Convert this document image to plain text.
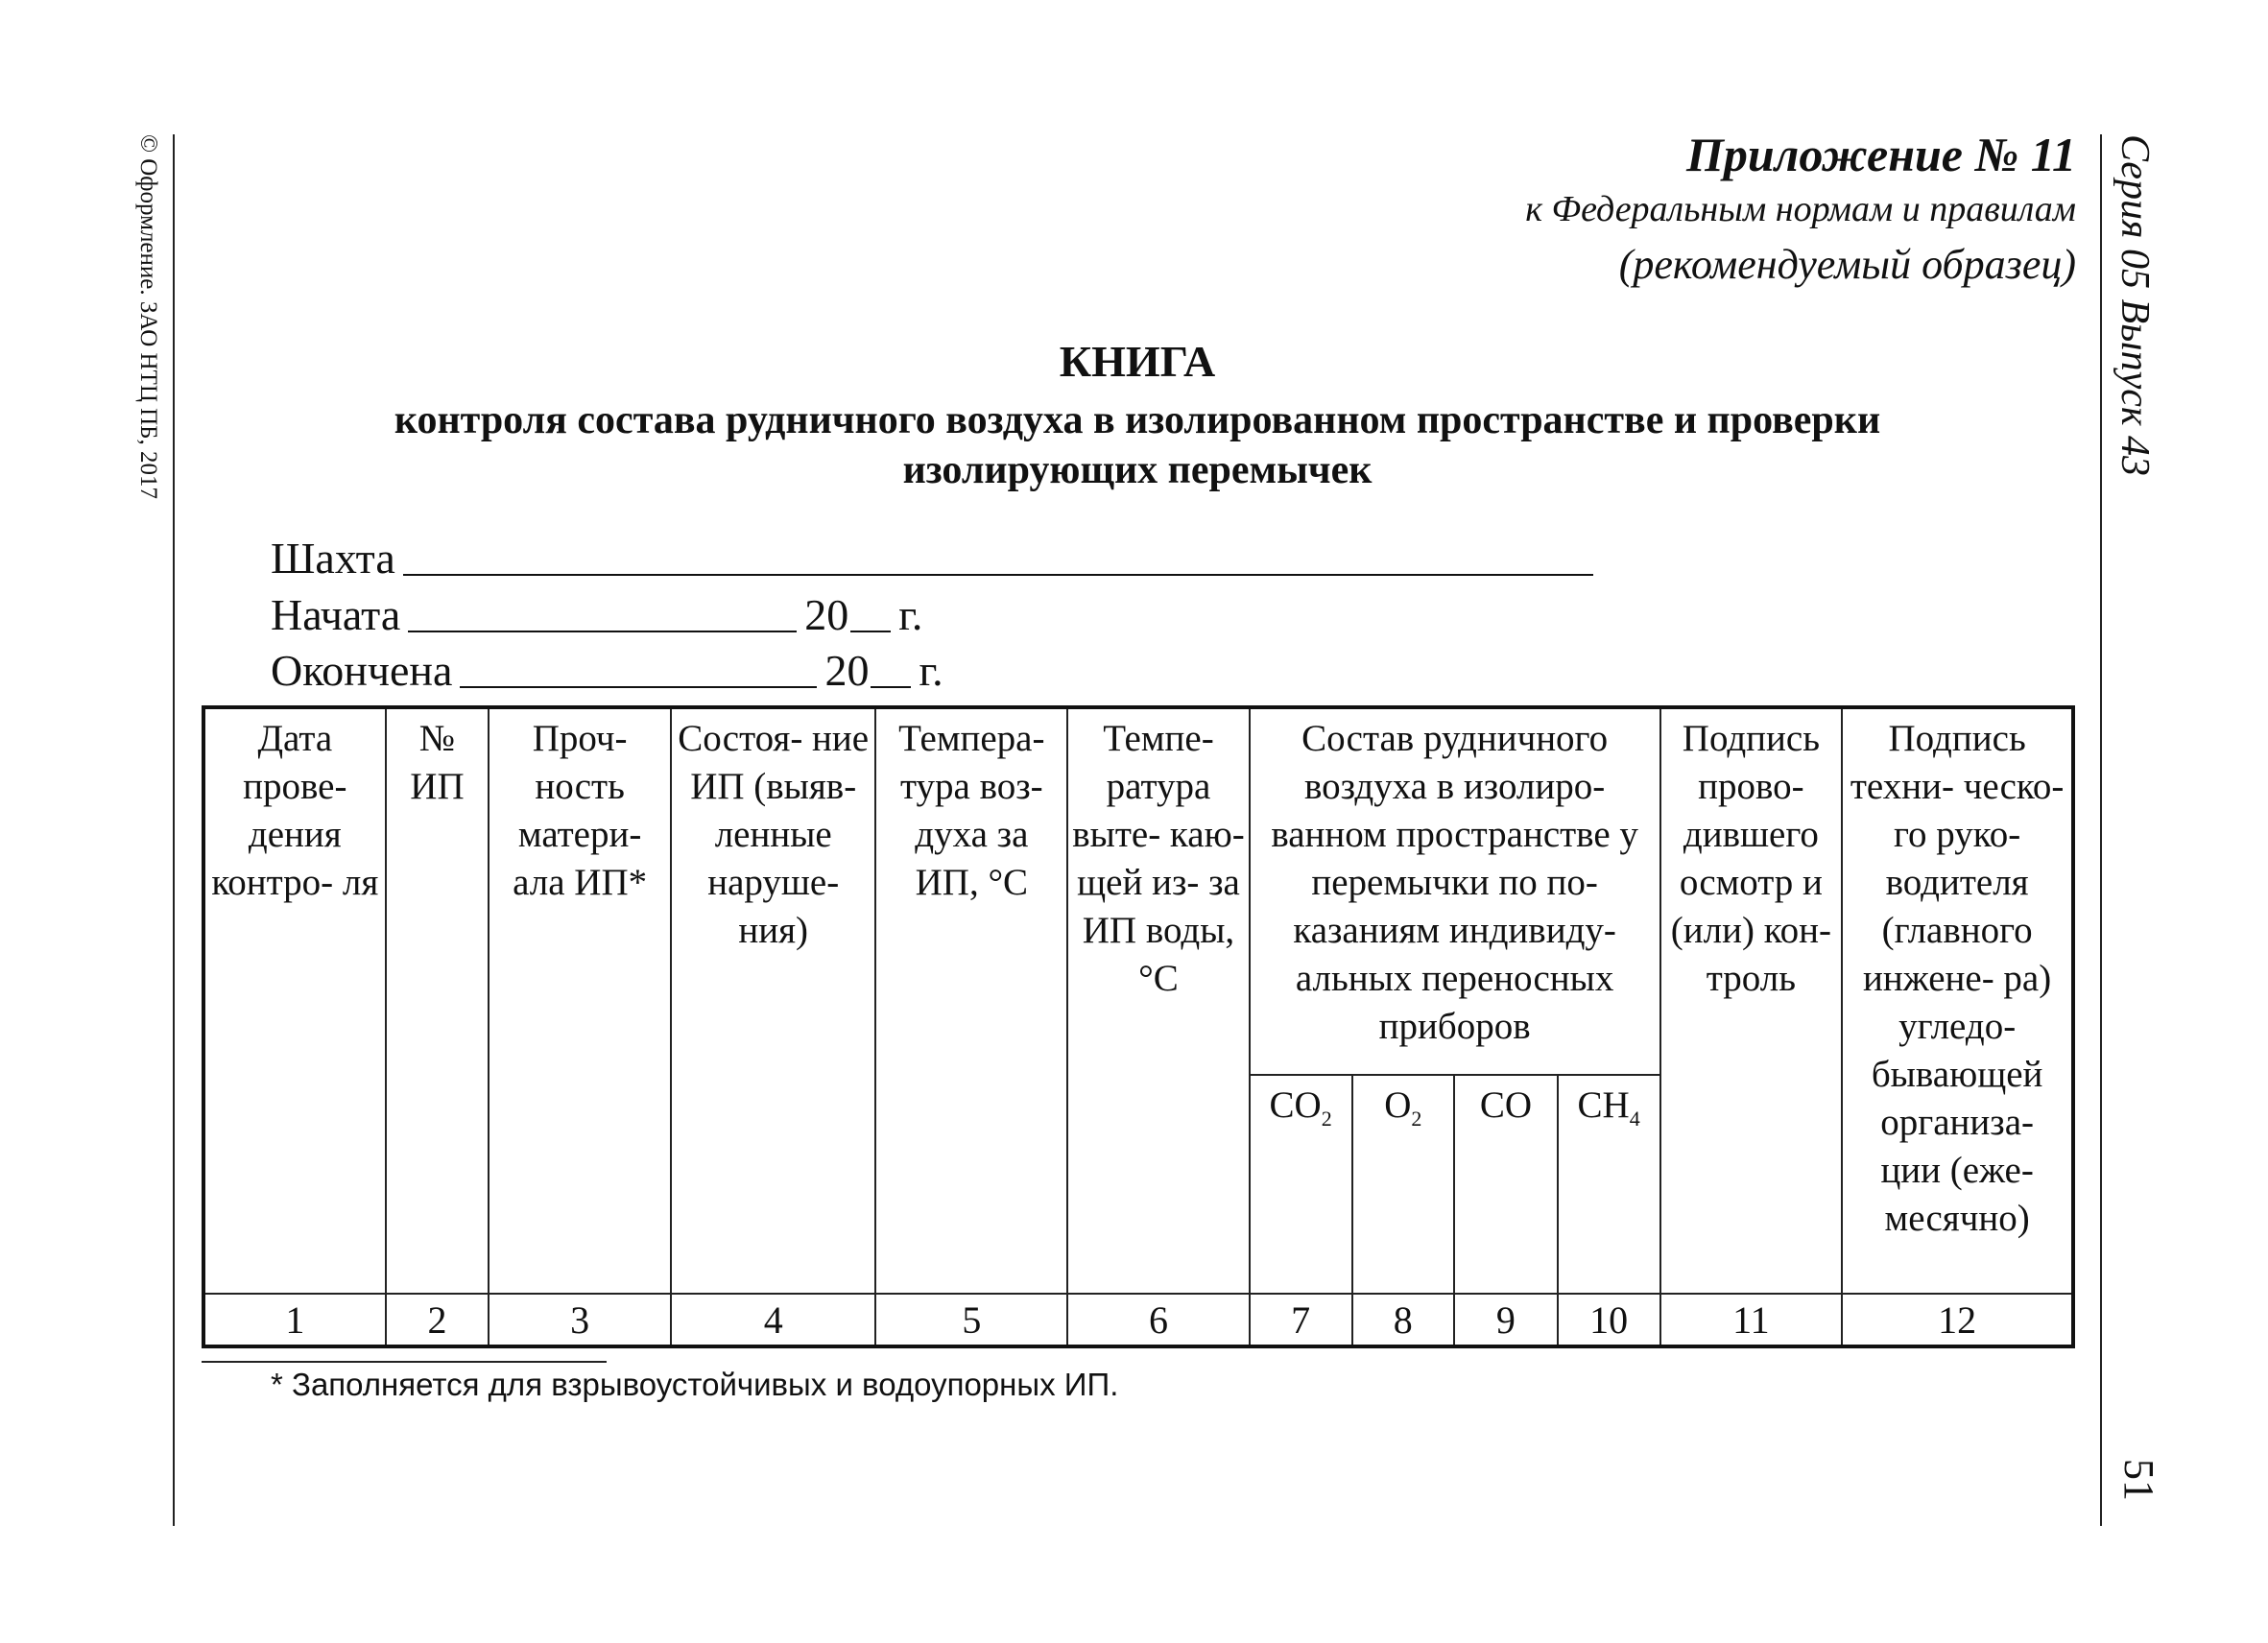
© Оформление. ЗАО НТЦ ПБ, 2017	Серия 05 Выпуск 43
51
Приложение № 11
к Федеральным нормам и правилам
(рекомендуемый образец)
КНИГА
контроля состава рудничного воздуха в изолированном пространстве и проверки
изолирующих перемычек
Шахта
Начата	20 г.
Окончена	20 г.
Дата прове- дения контро- ля	№ ИП	Проч- ность матери- ала ИП*	Состоя- ние ИП (выяв- ленные наруше- ния)	Темпера- тура воз- духа за ИП, °С	Темпе- ратура выте- каю- щей из- за ИП воды, °С	Состав рудничного воздуха в изолиро- ванном пространстве у перемычки по по- казаниям индивиду- альных переносных приборов				Подпись прово- дившего осмотр и (или) кон- троль	Подпись техни- ческо- го руко- водителя (главного инжене- ра) угледо- бывающей организа- ции (еже- месячно)
						$CO_2$	$O_2$	CO	$CH_4$
1	2	3	4	5	6	7	8	9	10	11	12
* Заполняется для взрывоустойчивых и водоупорных ИП.
